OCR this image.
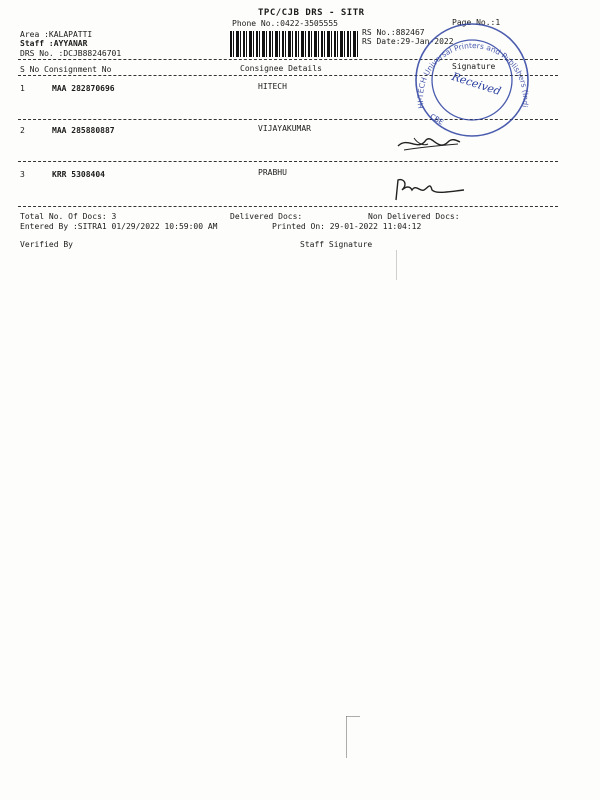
TPC/CJB DRS - SITR
Phone No.:0422-3505555
Area :KALAPATTI
Staff :AYYANAR
DRS No. :DCJB88246701
RS No.:882467
RS Date:29-Jan-2022
Page No.:1
S No Consignment No	Consignee Details	Signature
1	MAA 282870696	HITECH
2	MAA 285880887	VIJAYAKUMAR
3	KRR 5308404	PRABHU
Total No. Of Docs: 3	Delivered Docs:	Non Delivered Docs:
Entered By :SITRA1 01/29/2022 10:59:00 AM	Printed On: 29-01-2022 11:04:12
Verified By	Staff Signature
HI-TECH Universal Printers and Publishers (India) Pvt. Ltd.
Received
CBE
